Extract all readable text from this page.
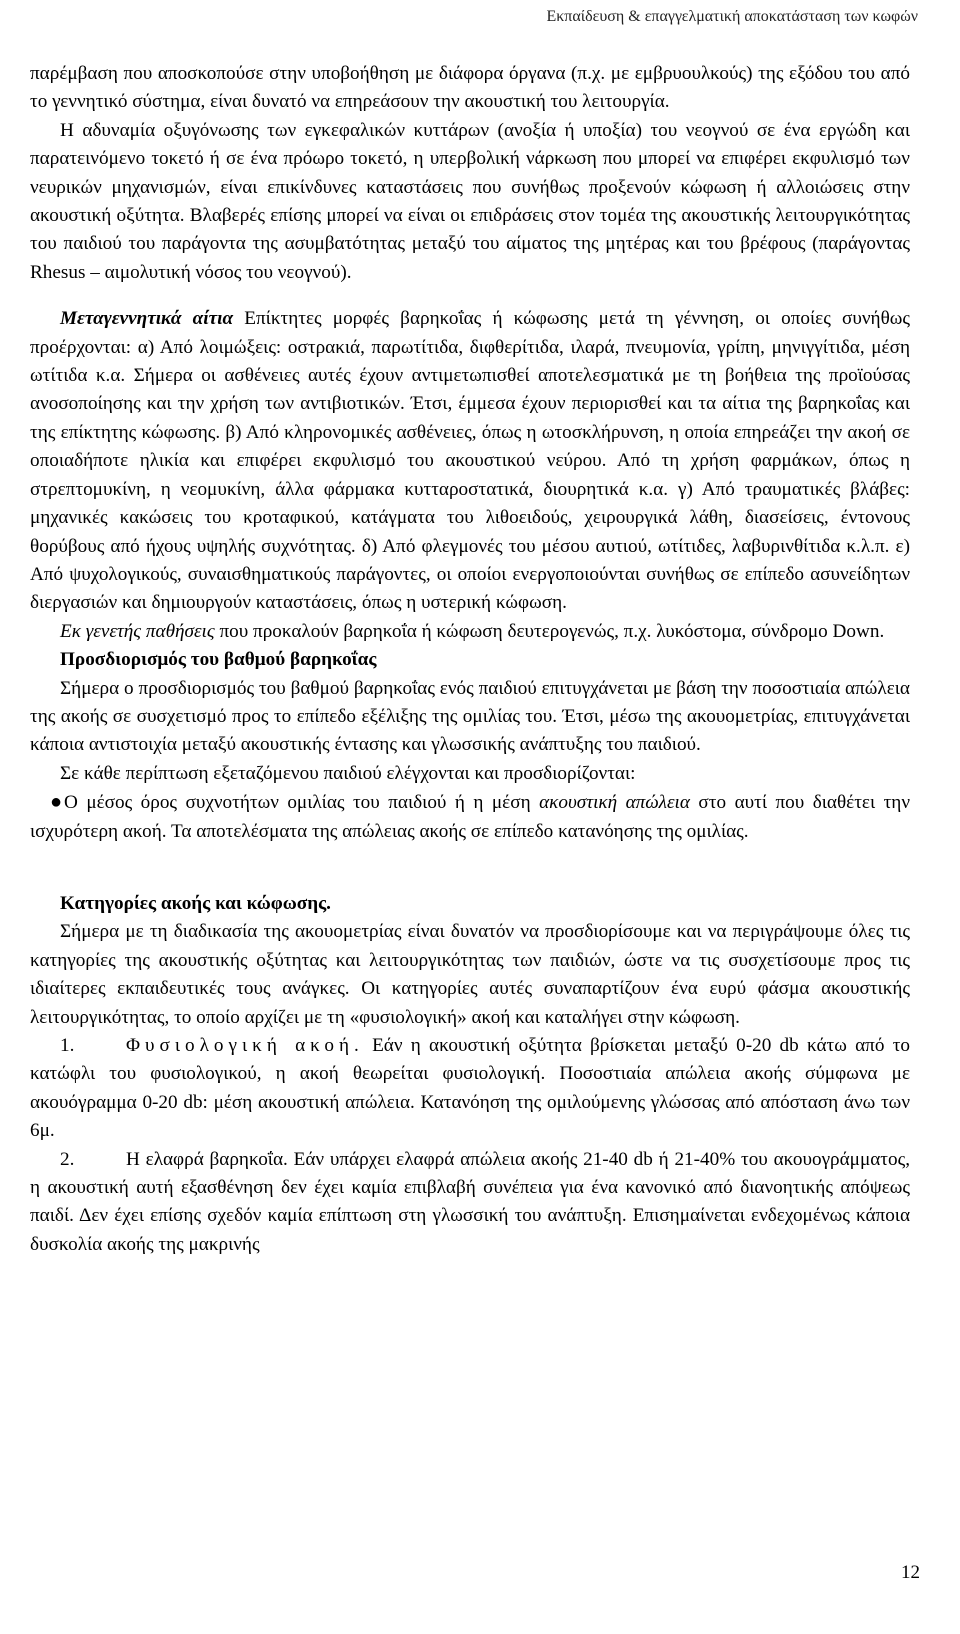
Εκπαίδευση & επαγγελματική αποκατάσταση των κωφών

παρέμβαση που αποσκοπούσε στην υποβοήθηση με διάφορα όργανα (π.χ. με εμβρυουλκούς) της εξόδου του από το γεννητικό σύστημα, είναι δυνατό να επηρεάσουν την ακουστική του λειτουργία.

Η αδυναμία οξυγόνωσης των εγκεφαλικών κυττάρων (ανοξία ή υποξία) του νεογνού σε ένα εργώδη και παρατεινόμενο τοκετό ή σε ένα πρόωρο τοκετό, η υπερβολική νάρκωση που μπορεί να επιφέρει εκφυλισμό των νευρικών μηχανισμών, είναι επικίνδυνες καταστάσεις που συνήθως προξενούν κώφωση ή αλλοιώσεις στην ακουστική οξύτητα. Βλαβερές επίσης μπορεί να είναι οι επιδράσεις στον τομέα της ακουστικής λειτουργικότητας του παιδιού του παράγοντα της ασυμβατότητας μεταξύ του αίματος της μητέρας και του βρέφους (παράγοντας Rhesus – αιμολυτική νόσος του νεογνού).

Μεταγεννητικά αίτια Επίκτητες μορφές βαρηκοΐας ή κώφωσης μετά τη γέννηση, οι οποίες συνήθως προέρχονται: α) Από λοιμώξεις: οστρακιά, παρωτίτιδα, διφθερίτιδα, ιλαρά, πνευμονία, γρίπη, μηνιγγίτιδα, μέση ωτίτιδα κ.α. Σήμερα οι ασθένειες αυτές έχουν αντιμετωπισθεί αποτελεσματικά με τη βοήθεια της προϊούσας ανοσοποίησης και την χρήση των αντιβιοτικών. Έτσι, έμμεσα έχουν περιορισθεί και τα αίτια της βαρηκοΐας και της επίκτητης κώφωσης. β) Από κληρονομικές ασθένειες, όπως η ωτοσκλήρυνση, η οποία επηρεάζει την ακοή σε οποιαδήποτε ηλικία και επιφέρει εκφυλισμό του ακουστικού νεύρου. Από τη χρήση φαρμάκων, όπως η στρεπτομυκίνη, η νεομυκίνη, άλλα φάρμακα κυτταροστατικά, διουρητικά κ.α. γ) Από τραυματικές βλάβες: μηχανικές κακώσεις του κροταφικού, κατάγματα του λιθοειδούς, χειρουργικά λάθη, διασείσεις, έντονους θορύβους από ήχους υψηλής συχνότητας. δ) Από φλεγμονές του μέσου αυτιού, ωτίτιδες, λαβυρινθίτιδα κ.λ.π. ε) Από ψυχολογικούς, συναισθηματικούς παράγοντες, οι οποίοι ενεργοποιούνται συνήθως σε επίπεδο ασυνείδητων διεργασιών και δημιουργούν καταστάσεις, όπως η υστερική κώφωση.

Εκ γενετής παθήσεις που προκαλούν βαρηκοΐα ή κώφωση δευτερογενώς, π.χ. λυκόστομα, σύνδρομο Down.

Προσδιορισμός του βαθμού βαρηκοΐας

Σήμερα ο προσδιορισμός του βαθμού βαρηκοΐας ενός παιδιού επιτυγχάνεται με βάση την ποσοστιαία απώλεια της ακοής σε συσχετισμό προς το επίπεδο εξέλιξης της ομιλίας του. Έτσι, μέσω της ακουομετρίας, επιτυγχάνεται κάποια αντιστοιχία μεταξύ ακουστικής έντασης και γλωσσικής ανάπτυξης του παιδιού.

Σε κάθε περίπτωση εξεταζόμενου παιδιού ελέγχονται και προσδιορίζονται:

●Ο μέσος όρος συχνοτήτων ομιλίας του παιδιού ή η μέση ακουστική απώλεια στο αυτί που διαθέτει την ισχυρότερη ακοή. Τα αποτελέσματα της απώλειας ακοής σε επίπεδο κατανόησης της ομιλίας.

Κατηγορίες ακοής και κώφωσης.

Σήμερα με τη διαδικασία της ακουομετρίας είναι δυνατόν να προσδιορίσουμε και να περιγράψουμε όλες τις κατηγορίες της ακουστικής οξύτητας και λειτουργικότητας των παιδιών, ώστε να τις συσχετίσουμε προς τις ιδιαίτερες εκπαιδευτικές τους ανάγκες. Οι κατηγορίες αυτές συναπαρτίζουν ένα ευρύ φάσμα ακουστικής λειτουργικότητας, το οποίο αρχίζει με τη «φυσιολογική» ακοή και καταλήγει στην κώφωση.

1.	Φυσιολογική ακοή. Εάν η ακουστική οξύτητα βρίσκεται μεταξύ 0-20 db κάτω από το κατώφλι του φυσιολογικού, η ακοή θεωρείται φυσιολογική. Ποσοστιαία απώλεια ακοής σύμφωνα με ακουόγραμμα 0-20 db: μέση ακουστική απώλεια. Κατανόηση της ομιλούμενης γλώσσας από απόσταση άνω των 6μ.

2.	Η ελαφρά βαρηκοΐα. Εάν υπάρχει ελαφρά απώλεια ακοής 21-40 db ή 21-40% του ακουογράμματος, η ακουστική αυτή εξασθένηση δεν έχει καμία επιβλαβή συνέπεια για ένα κανονικό από διανοητικής απόψεως παιδί. Δεν έχει επίσης σχεδόν καμία επίπτωση στη γλωσσική του ανάπτυξη. Επισημαίνεται ενδεχομένως κάποια δυσκολία ακοής της μακρινής

12
